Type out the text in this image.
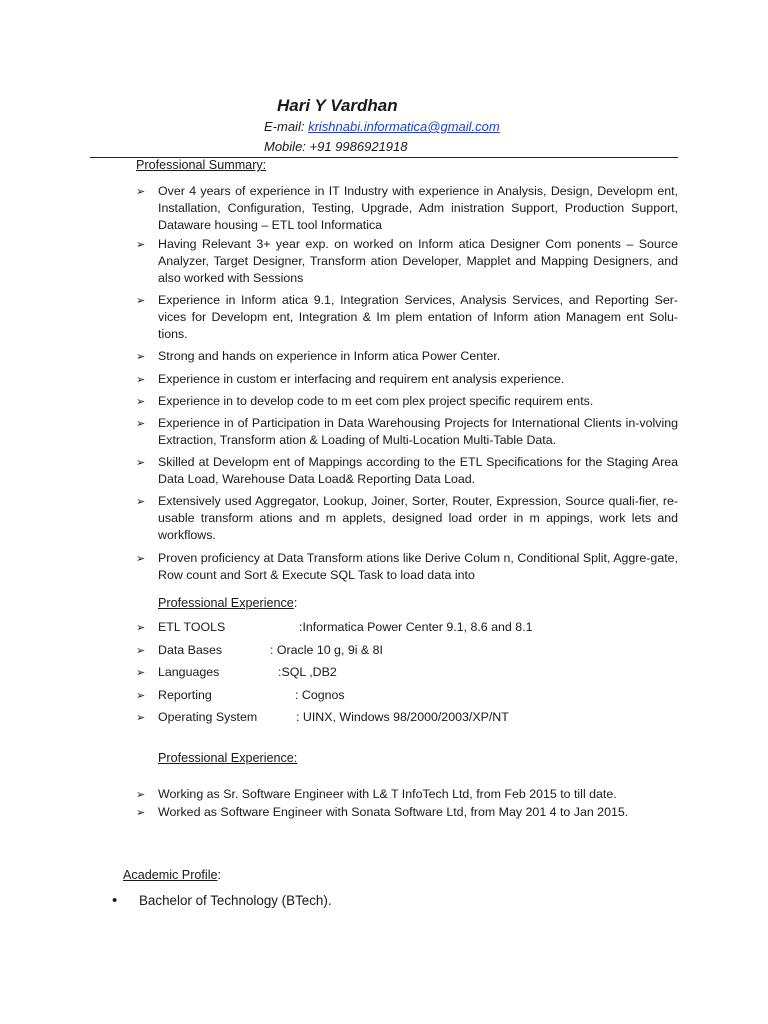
Hari Y Vardhan
E-mail: krishnabi.informatica@gmail.com
Mobile: +91 9986921918
Professional Summary:
➢ Over 4 years of experience in IT Industry with experience in Analysis, Design, Developm ent, Installation, Configuration, Testing, Upgrade, Adm inistration Support, Production Support, Dataware housing – ETL tool Informatica
➢ Having Relevant 3+ year exp. on worked on Inform atica Designer Com ponents – Source Analyzer, Target Designer, Transform ation Developer, Mapplet and Mapping Designers, and also worked with Sessions
➢ Experience in Inform atica 9.1, Integration Services, Analysis Services, and Reporting Ser-vices for Developm ent, Integration & Im plem entation of Inform ation Managem ent Solu-tions.
➢ Strong and hands on experience in Inform atica Power Center.
➢ Experience in custom er interfacing and requirem ent analysis experience.
➢ Experience in to develop code to m eet com plex project specific requirem ents.
➢ Experience in of Participation in Data Warehousing Projects for International Clients in-volving Extraction, Transform ation & Loading of Multi-Location Multi-Table Data.
➢ Skilled at Developm ent of Mappings according to the ETL Specifications for the Staging Area Data Load, Warehouse Data Load& Reporting Data Load.
➢ Extensively used Aggregator, Lookup, Joiner, Sorter, Router, Expression, Source quali-fier, re-usable transform ations and m applets, designed load order in m appings, work lets and workflows.
➢ Proven proficiency at Data Transform ations like Derive Colum n, Conditional Split, Aggre-gate, Row count and Sort & Execute SQL Task to load data into
Professional Experience:
➢ ETL TOOLS	:Informatica Power Center 9.1, 8.6 and 8.1
➢ Data Bases	: Oracle 10 g, 9i & 8I
➢ Languages	:SQL ,DB2
➢ Reporting	: Cognos
➢ Operating System	: UINX, Windows 98/2000/2003/XP/NT
Professional Experience:
➢ Working as Sr. Software Engineer with L& T InfoTech Ltd, from Feb 2015 to till date.
➢ Worked as Software Engineer with Sonata Software Ltd, from May 201 4 to Jan 2015.
Academic Profile:
• Bachelor of Technology (BTech).
